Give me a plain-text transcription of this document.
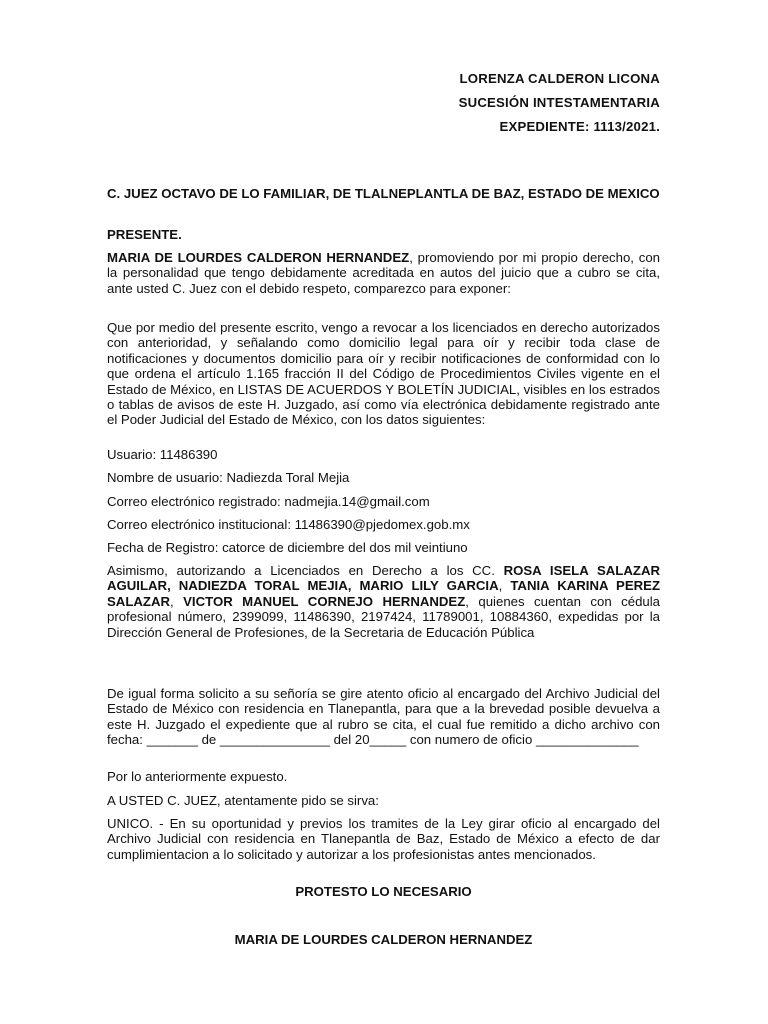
LORENZA CALDERON LICONA
SUCESIÓN INTESTAMENTARIA
EXPEDIENTE: 1113/2021.
C. JUEZ OCTAVO DE LO FAMILIAR, DE TLALNEPLANTLA DE BAZ, ESTADO DE MEXICO
PRESENTE.
MARIA DE LOURDES CALDERON HERNANDEZ, promoviendo por mi propio derecho, con la personalidad que tengo debidamente acreditada en autos del juicio que a cubro se cita, ante usted C. Juez con el debido respeto, comparezco para exponer:
Que por medio del presente escrito, vengo a revocar a los licenciados en derecho autorizados con anterioridad, y señalando como domicilio legal para oír y recibir toda clase de notificaciones y documentos domicilio para oír y recibir notificaciones de conformidad con lo que ordena el artículo 1.165 fracción II del Código de Procedimientos Civiles vigente en el Estado de México, en LISTAS DE ACUERDOS Y BOLETÍN JUDICIAL, visibles en los estrados o tablas de avisos de este H. Juzgado, así como vía electrónica debidamente registrado ante el Poder Judicial del Estado de México, con los datos siguientes:
Usuario: 11486390
Nombre de usuario: Nadiezda Toral Mejia
Correo electrónico registrado: nadmejia.14@gmail.com
Correo electrónico institucional: 11486390@pjedomex.gob.mx
Fecha de Registro: catorce de diciembre del dos mil veintiuno
Asimismo, autorizando a Licenciados en Derecho a los CC. ROSA ISELA SALAZAR AGUILAR, NADIEZDA TORAL MEJIA, MARIO LILY GARCIA, TANIA KARINA PEREZ SALAZAR, VICTOR MANUEL CORNEJO HERNANDEZ, quienes cuentan con cédula profesional número, 2399099, 11486390, 2197424, 11789001, 10884360, expedidas por la Dirección General de Profesiones, de la Secretaria de Educación Pública
De igual forma solicito a su señoría se gire atento oficio al encargado del Archivo Judicial del Estado de México con residencia en Tlanepantla, para que a la brevedad posible devuelva a este H. Juzgado el expediente que al rubro se cita, el cual fue remitido a dicho archivo con fecha: _______ de _______________ del 20_____ con numero de oficio ______________
Por lo anteriormente expuesto.
A USTED C. JUEZ, atentamente pido se sirva:
UNICO. - En su oportunidad y previos los tramites de la Ley girar oficio al encargado del Archivo Judicial con residencia en Tlanepantla de Baz, Estado de México a efecto de dar cumplimientacion a lo solicitado y autorizar a los profesionistas antes mencionados.
PROTESTO LO NECESARIO
MARIA DE LOURDES CALDERON HERNANDEZ
